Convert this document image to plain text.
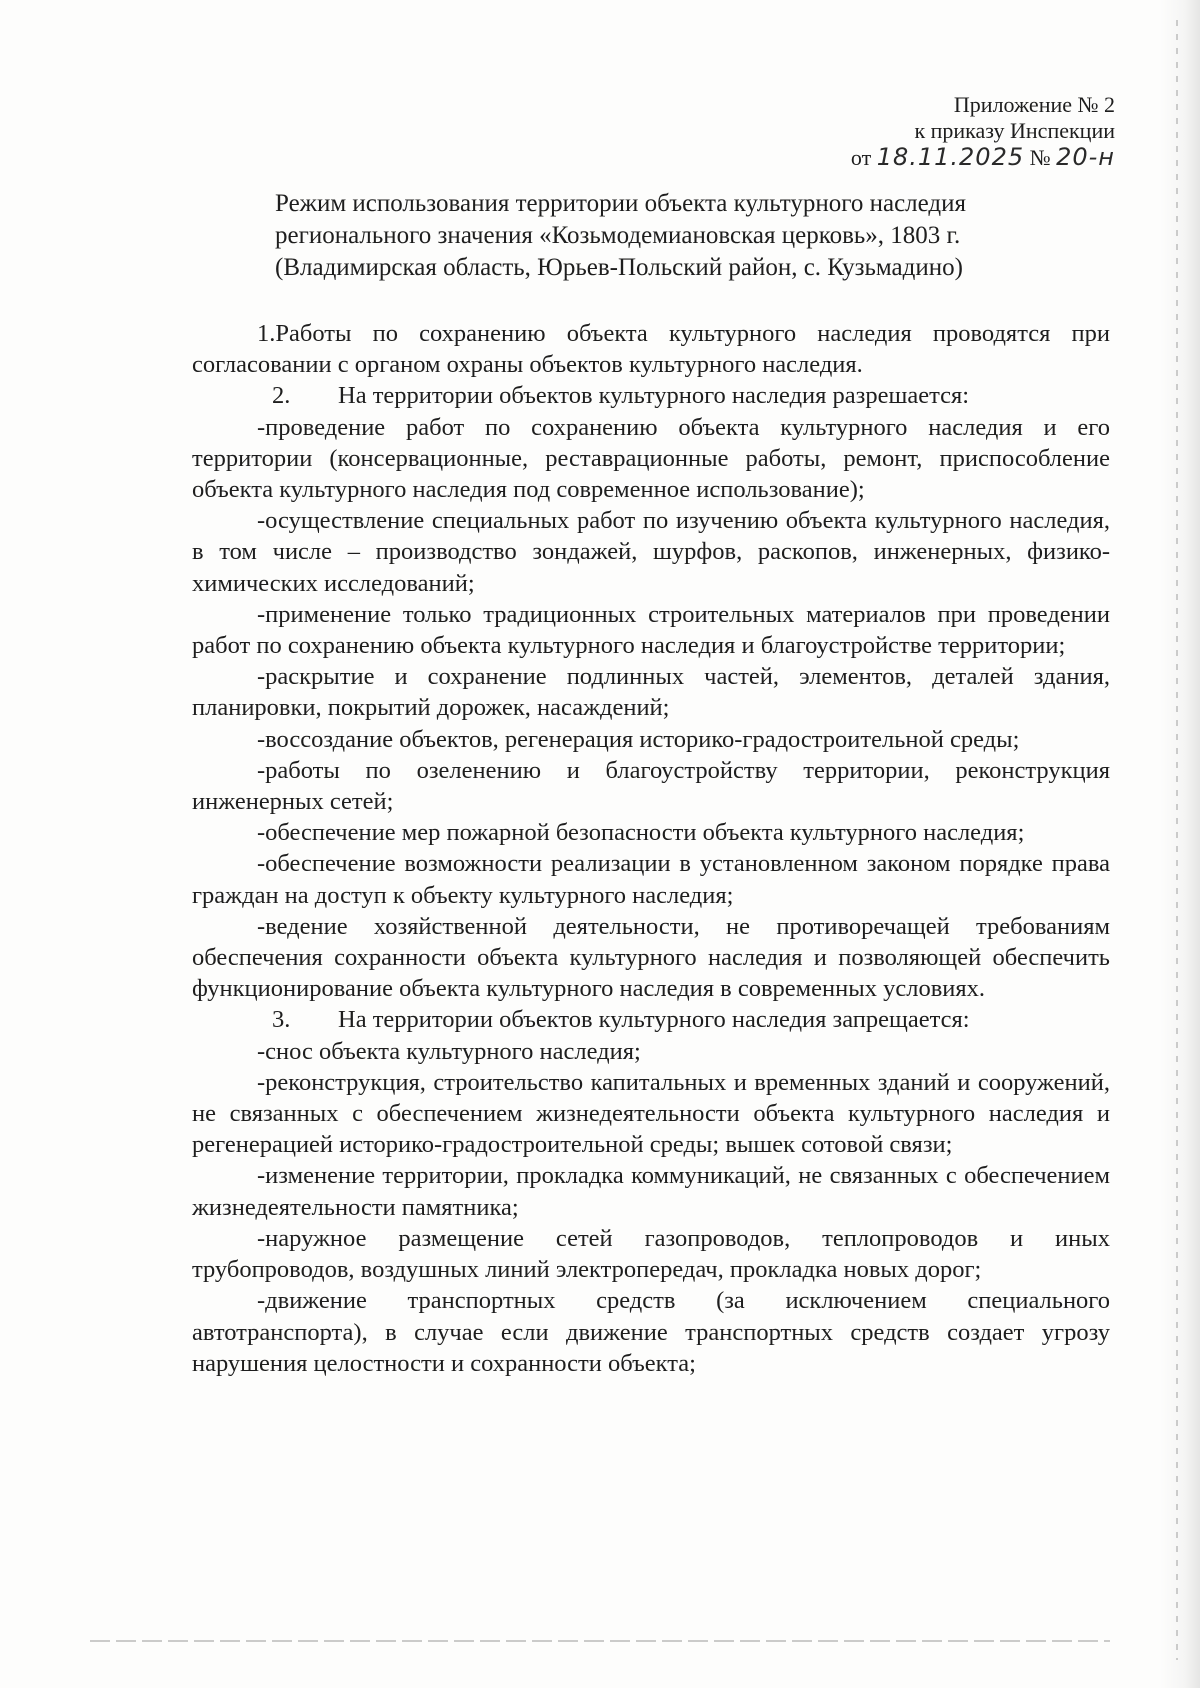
Приложение № 2
к приказу Инспекции
от 18.11.2025 № 20-н
Режим использования территории объекта культурного наследия
регионального значения «Козьмодемиановская церковь», 1803 г.
(Владимирская область, Юрьев-Польский район, с. Кузьмадино)

1.Работы по сохранению объекта культурного наследия проводятся при согласовании с органом охраны объектов культурного наследия.

2.	На территории объектов культурного наследия разрешается:

-проведение работ по сохранению объекта культурного наследия и его территории (консервационные, реставрационные работы, ремонт, приспособление объекта культурного наследия под современное использование);

-осуществление специальных работ по изучению объекта культурного наследия, в том числе – производство зондажей, шурфов, раскопов, инженерных, физико-химических исследований;

-применение только традиционных строительных материалов при проведении работ по сохранению объекта культурного наследия и благоустройстве территории;

-раскрытие и сохранение подлинных частей, элементов, деталей здания, планировки, покрытий дорожек, насаждений;

-воссоздание объектов, регенерация историко-градостроительной среды;

-работы по озеленению и благоустройству территории, реконструкция инженерных сетей;

-обеспечение мер пожарной безопасности объекта культурного наследия;

-обеспечение возможности реализации в установленном законом порядке права граждан на доступ к объекту культурного наследия;

-ведение хозяйственной деятельности, не противоречащей требованиям обеспечения сохранности объекта культурного наследия и позволяющей обеспечить функционирование объекта культурного наследия в современных условиях.

3.	На территории объектов культурного наследия запрещается:

-снос объекта культурного наследия;

-реконструкция, строительство капитальных и временных зданий и сооружений, не связанных с обеспечением жизнедеятельности объекта культурного наследия и регенерацией историко-градостроительной среды; вышек сотовой связи;

-изменение территории, прокладка коммуникаций, не связанных с обеспечением жизнедеятельности памятника;

-наружное размещение сетей газопроводов, теплопроводов и иных трубопроводов, воздушных линий электропередач, прокладка новых дорог;

-движение транспортных средств (за исключением специального автотранспорта), в случае если движение транспортных средств создает угрозу нарушения целостности и сохранности объекта;
